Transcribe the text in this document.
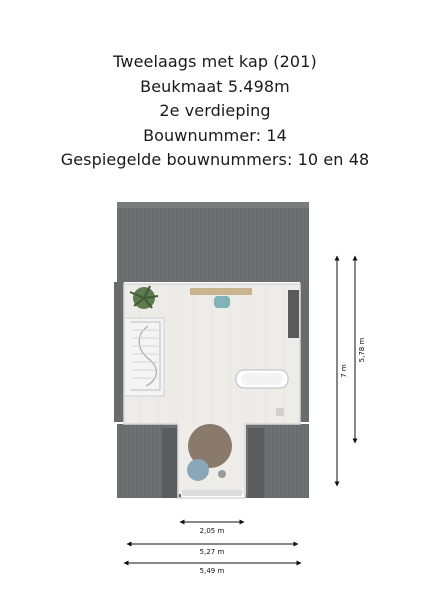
Tweelaags met kap (201)
Beukmaat 5.498m
2e verdieping
Bouwnummer: 14
Gespiegelde bouwnummers: 10 en 48
2,05 m
5,27 m
5,49 m
7 m
5,78 m
